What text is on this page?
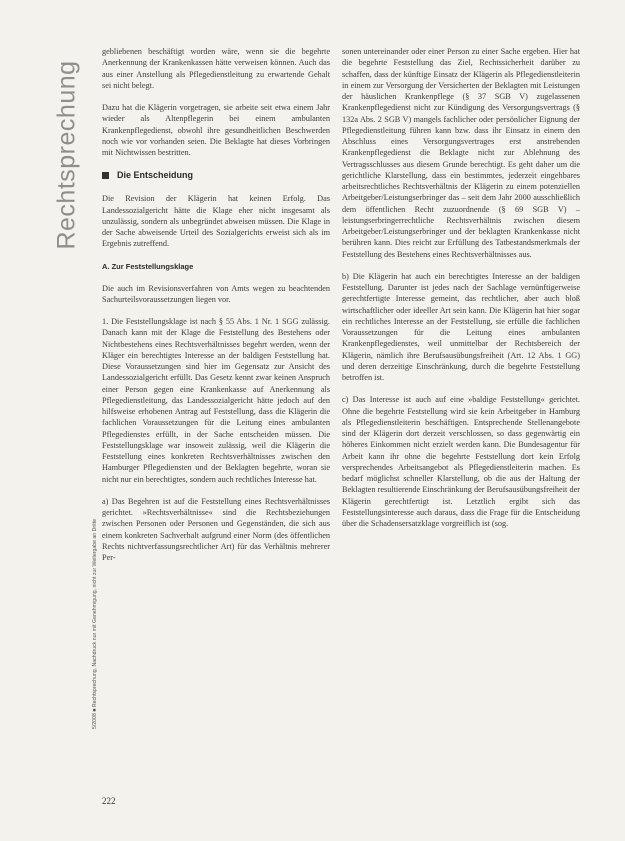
Rechtsprechung
5/2008 ■ Rechtsprechung, Nachdruck nur mit Genehmigung, nicht zur Weitergabe an Dritte

gebliebenen beschäftigt worden wäre, wenn sie die begehrte Anerkennung der Krankenkassen hätte verweisen können. Auch das aus einer Anstellung als Pflegedienstleitung zu erwartende Gehalt sei nicht belegt.

Dazu hat die Klägerin vorgetragen, sie arbeite seit etwa einem Jahr wieder als Altenpflegerin bei einem ambulanten Krankenpflegedienst, obwohl ihre gesundheitlichen Beschwerden noch wie vor vorhanden seien. Die Beklagte hat dieses Vorbringen mit Nichtwissen bestritten.

Die Entscheidung

Die Revision der Klägerin hat keinen Erfolg. Das Landessozialgericht hätte die Klage eher nicht insgesamt als unzulässig, sondern als unbegründet abweisen müssen. Die Klage in der Sache abweisende Urteil des Sozialgerichts erweist sich als im Ergebnis zutreffend.

A. Zur Feststellungsklage

Die auch im Revisionsverfahren von Amts wegen zu beachtenden Sachurteilsvoraussetzungen liegen vor.

1. Die Feststellungsklage ist nach § 55 Abs. 1 Nr. 1 SGG zulässig. Danach kann mit der Klage die Feststellung des Bestehens oder Nichtbestehens eines Rechtsverhältnisses begehrt werden, wenn der Kläger ein berechtigtes Interesse an der baldigen Feststellung hat. Diese Voraussetzungen sind hier im Gegensatz zur Ansicht des Landessozialgericht erfüllt. Das Gesetz kennt zwar keinen Anspruch einer Person gegen eine Krankenkasse auf Anerkennung als Pflegedienstleitung, das Landessozialgericht hätte jedoch auf den hilfsweise erhobenen Antrag auf Feststellung, dass die Klägerin die fachlichen Voraussetzungen für die Leitung eines ambulanten Pflegedienstes erfüllt, in der Sache entscheiden müssen. Die Feststellungsklage war insoweit zulässig, weil die Klägerin die Feststellung eines konkreten Rechtsverhältnisses zwischen den Hamburger Pflegediensten und der Beklagten begehrte, woran sie nicht nur ein berechtigtes, sondern auch rechtliches Interesse hat.

a) Das Begehren ist auf die Feststellung eines Rechtsverhältnisses gerichtet. »Rechtsverhältnisse« sind die Rechtsbeziehungen zwischen Personen oder Personen und Gegenständen, die sich aus einem konkreten Sachverhalt aufgrund einer Norm (des öffentlichen Rechts nichtverfassungsrechtlicher Art) für das Verhältnis mehrerer Per-

sonen untereinander oder einer Person zu einer Sache ergeben. Hier hat die begehrte Feststellung das Ziel, Rechtssicherheit darüber zu schaffen, dass der künftige Einsatz der Klägerin als Pflegedienstleiterin in einem zur Versorgung der Versicherten der Beklagten mit Leistungen der häuslichen Krankenpflege (§ 37 SGB V) zugelassenen Krankenpflegedienst nicht zur Kündigung des Versorgungsvertrags (§ 132a Abs. 2 SGB V) mangels fachlicher oder persönlicher Eignung der Pflegedienstleitung führen kann bzw. dass ihr Einsatz in einem den Abschluss eines Versorgungsvertrages erst anstrebenden Krankenpflegedienst die Beklagte nicht zur Ablehnung des Vertragsschlusses aus diesem Grunde berechtigt. Es geht daher um die gerichtliche Klarstellung, dass ein bestimmtes, jederzeit eingehbares arbeitsrechtliches Rechtsverhältnis der Klägerin zu einem potenziellen Arbeitgeber/Leistungserbringer das – seit dem Jahr 2000 ausschließlich dem öffentlichen Recht zuzuordnende (§ 69 SGB V) – leistungserbringerrechtliche Rechtsverhältnis zwischen diesem Arbeitgeber/Leistungserbringer und der beklagten Krankenkasse nicht berühren kann. Dies reicht zur Erfüllung des Tatbestandsmerkmals der Feststellung des Bestehens eines Rechtsverhältnisses aus.

b) Die Klägerin hat auch ein berechtigtes Interesse an der baldigen Feststellung. Darunter ist jedes nach der Sachlage vernünftigerweise gerechtfertigte Interesse gemeint, das rechtlicher, aber auch bloß wirtschaftlicher oder ideeller Art sein kann. Die Klägerin hat hier sogar ein rechtliches Interesse an der Feststellung, sie erfülle die fachlichen Voraussetzungen für die Leitung eines ambulanten Krankenpflegedienstes, weil unmittelbar der Rechtsbereich der Klägerin, nämlich ihre Berufsausübungsfreiheit (Art. 12 Abs. 1 GG) und deren derzeitige Einschränkung, durch die begehrte Feststellung betroffen ist.

c) Das Interesse ist auch auf eine »baldige Feststellung« gerichtet. Ohne die begehrte Feststellung wird sie kein Arbeitgeber in Hamburg als Pflegedienstleiterin beschäftigen. Entsprechende Stellenangebote sind der Klägerin dort derzeit verschlossen, so dass gegenwärtig ein höheres Einkommen nicht erzielt werden kann. Die Bundesagentur für Arbeit kann ihr ohne die begehrte Feststellung dort kein Erfolg versprechendes Arbeitsangebot als Pflegedienstleiterin machen. Es bedarf möglichst schneller Klarstellung, ob die aus der Haltung der Beklagten resultierende Einschränkung der Berufsausübungsfreiheit der Klägerin gerechtfertigt ist. Letztlich ergibt sich das Feststellungsinteresse auch daraus, dass die Frage für die Entscheidung über die Schadensersatzklage vorgreiflich ist (sog.

222
